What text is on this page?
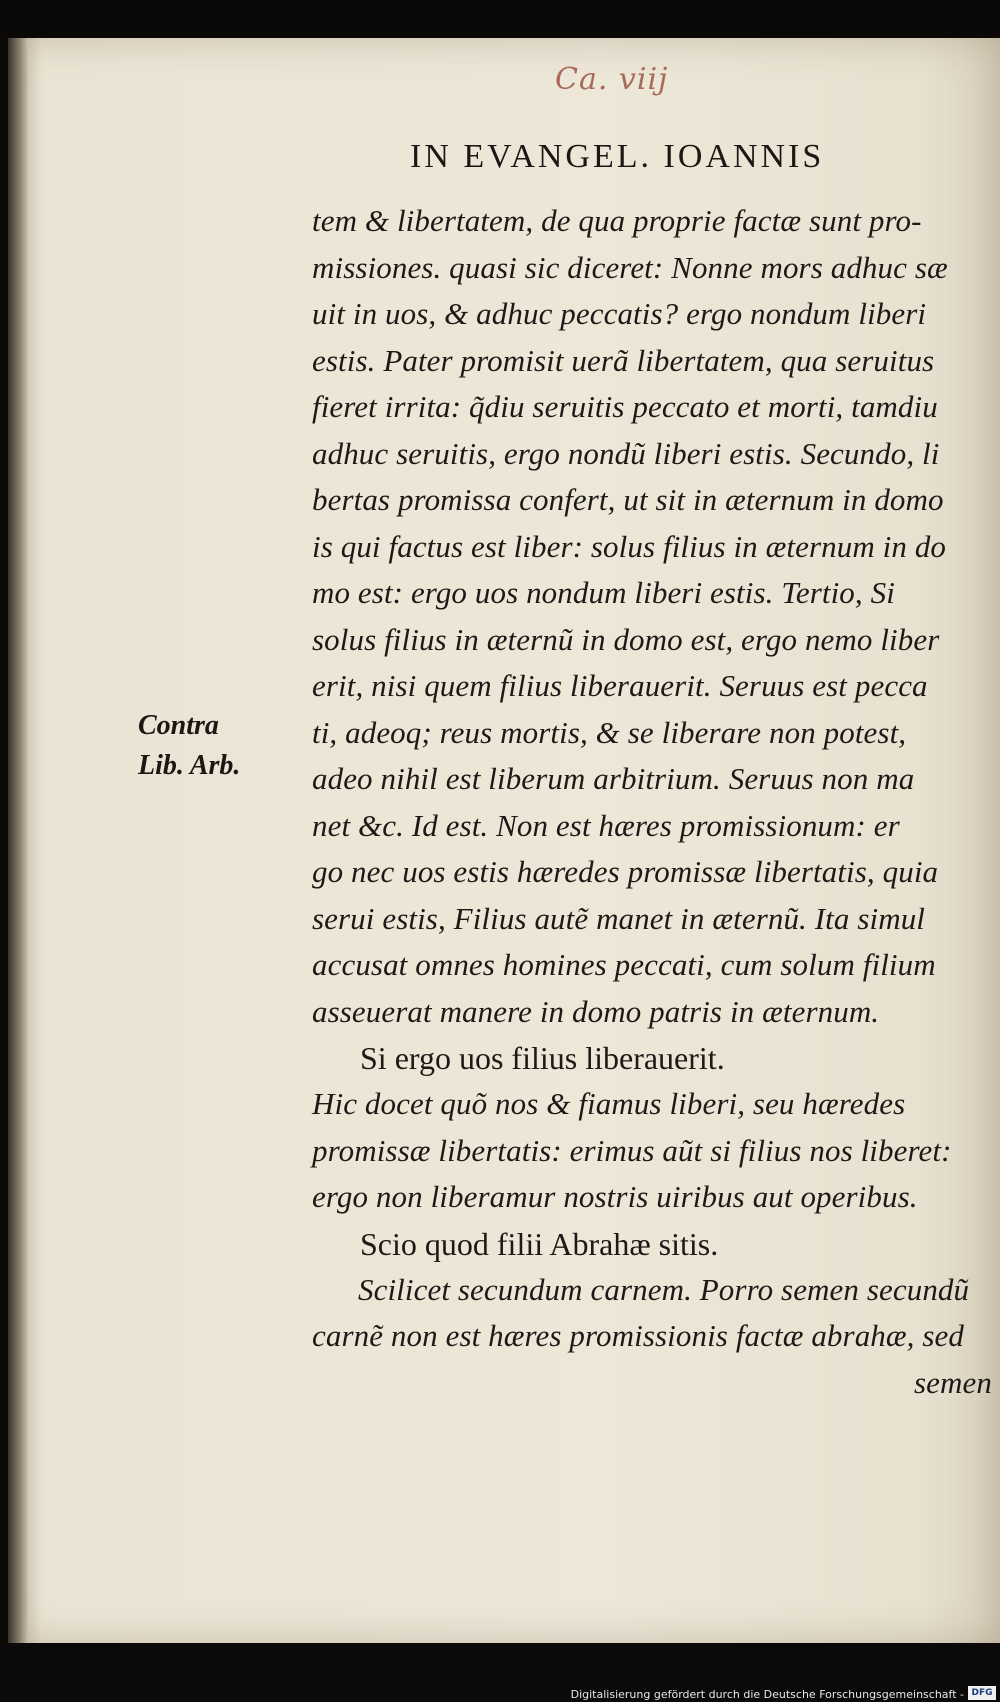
Ca. viij
IN EVANGEL. IOANNIS
Contra
Lib. Arb.
tem & libertatem, de qua proprie factæ sunt pro-
missiones. quasi sic diceret: Nonne mors adhuc sæ
uit in uos, & adhuc peccatis? ergo nondum liberi
estis. Pater promisit uerã libertatem, qua seruitus
fieret irrita: q̃diu seruitis peccato et morti, tamdiu
adhuc seruitis, ergo nondũ liberi estis. Secundo, li
bertas promissa confert, ut sit in æternum in domo
is qui factus est liber: solus filius in æternum in do
mo est: ergo uos nondum liberi estis. Tertio, Si
solus filius in æternũ in domo est, ergo nemo liber
erit, nisi quem filius liberauerit. Seruus est pecca
ti, adeoq; reus mortis, & se liberare non potest,
adeo nihil est liberum arbitrium. Seruus non ma
net &c. Id est. Non est hæres promissionum: er
go nec uos estis hæredes promissæ libertatis, quia
serui estis, Filius autẽ manet in æternũ. Ita simul
accusat omnes homines peccati, cum solum filium
asseuerat manere in domo patris in æternum.
Si ergo uos filius liberauerit.
Hic docet quõ nos & fiamus liberi, seu hæredes
promissæ libertatis: erimus aũt si filius nos liberet:
ergo non liberamur nostris uiribus aut operibus.
Scio quod filii Abrahæ sitis.
Scilicet secundum carnem. Porro semen secundũ
carnẽ non est hæres promissionis factæ abrahæ, sed
semen
Digitalisierung gefördert durch die Deutsche Forschungsgemeinschaft - DFG
